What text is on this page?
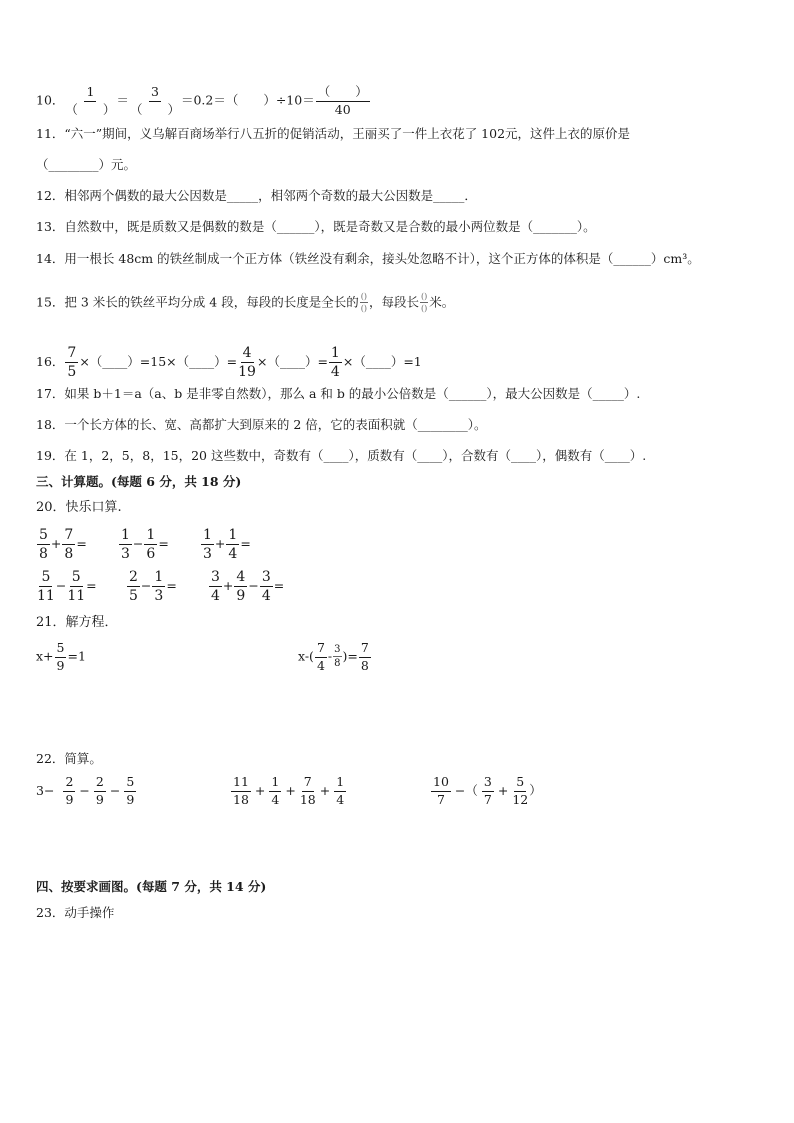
10． $\frac{1}{( )} = \frac{3}{( )} =0.2=$（　　）$\div 10= \frac{( )}{40}$
11．“六一”期间，义乌解百商场举行八五折的促销活动，王丽买了一件上衣花了 102元，这件上衣的原价是
（________）元。
12．相邻两个偶数的最大公因数是_____，相邻两个奇数的最大公因数是_____．
13．自然数中，既是质数又是偶数的数是（______），既是奇数又是合数的最小两位数是（_______）。
14．用一根长 48cm 的铁丝制成一个正方体（铁丝没有剩余，接头处忽略不计），这个正方体的体积是（______）cm³。
15．把 3 米长的铁丝平均分成 4 段，每段的长度是全长的 $\frac{()}{()}$ ，每段长 $\frac{()}{()}$ 米。
16． $\frac{7}{5}$ ×（____）=15×（____）= $\frac{4}{19}$ ×（____）= $\frac{1}{4}$ ×（____）=1
17．如果 b＋1＝a（a、b 是非零自然数），那么 a 和 b 的最小公倍数是（______），最大公因数是（_____）.
18．一个长方体的长、宽、高都扩大到原来的 2 倍，它的表面积就（________）。
19．在 1，2，5，8，15，20 这些数中，奇数有（____），质数有（____），合数有（____），偶数有（____）.
三、计算题。(每题 6 分，共 18 分)
20．快乐口算.
$\frac{5}{8} + \frac{7}{8} = \frac{1}{3} - \frac{1}{6} = \frac{1}{3} + \frac{1}{4}$ =
$\frac{5}{11} - \frac{5}{11} = \frac{2}{5} - \frac{1}{3} = \frac{3}{4} + \frac{4}{9} - \frac{3}{4}$ =
21．解方程．
$x+ \frac{5}{9} =1$	$x-( \frac{7}{4} - \frac{3}{8}$ )= $\frac{7}{8}$
22．简算。
$3- \frac{2}{9} - \frac{2}{9} - \frac{5}{9}$	$\frac{11}{18} + \frac{1}{4} + \frac{7}{18} + \frac{1}{4}$	$\frac{10}{7}$ −（ $\frac{3}{7} + \frac{5}{12}$ ）
四、按要求画图。(每题 7 分，共 14 分)
23．动手操作
